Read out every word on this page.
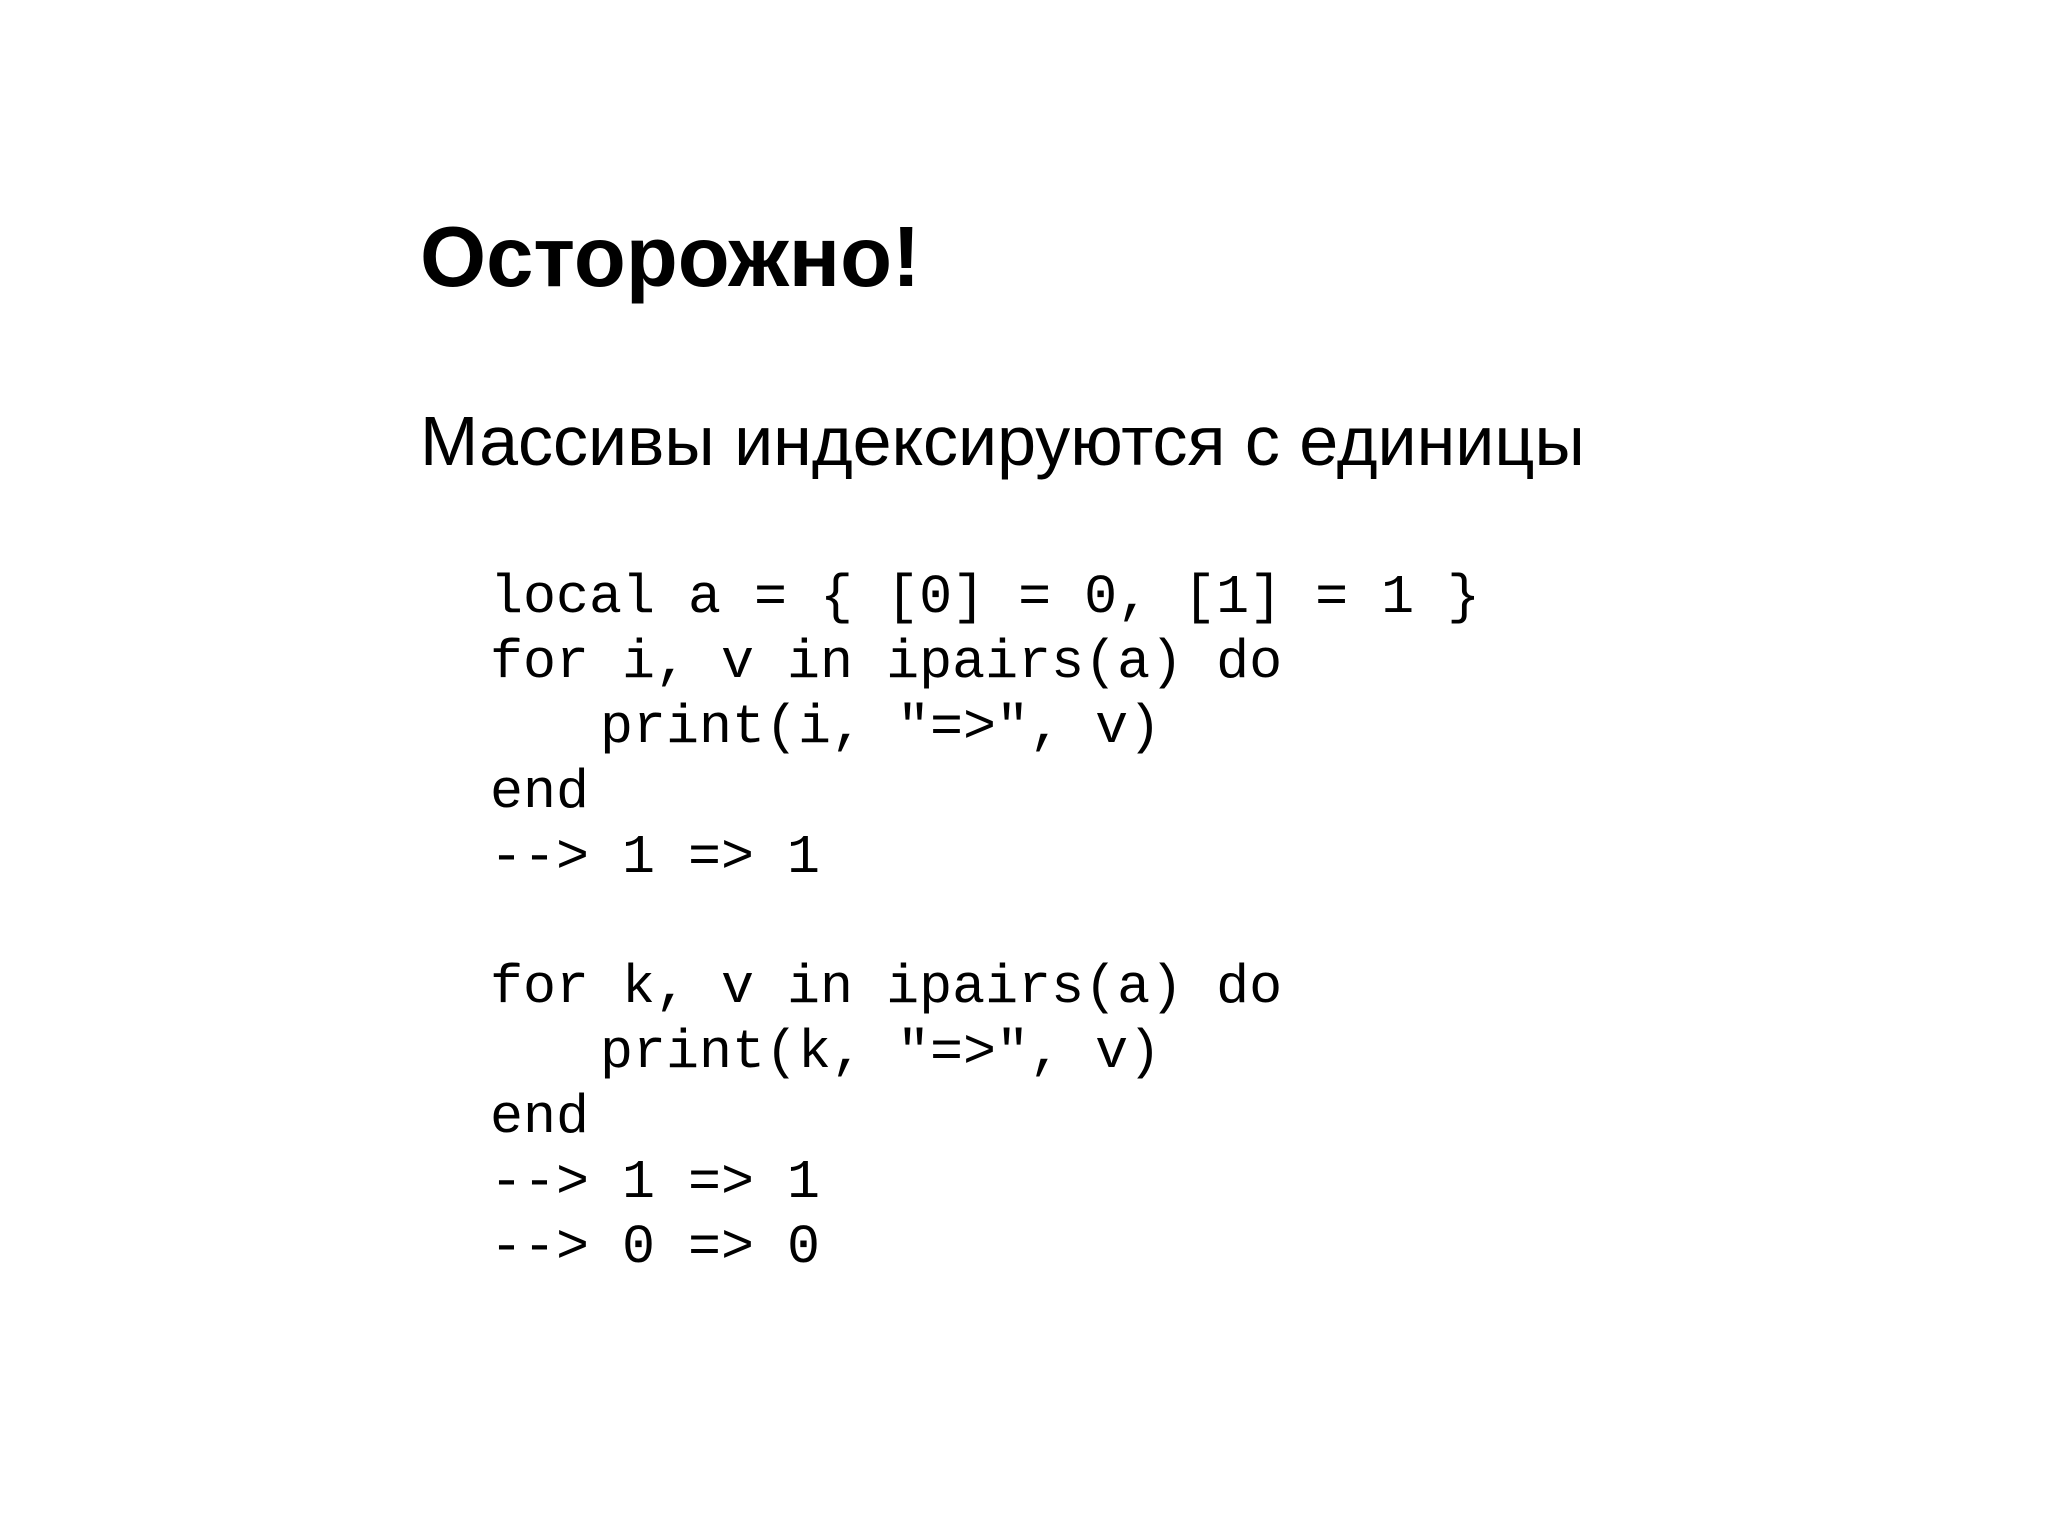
Осторожно!

Массивы индексируются с единицы

local a = { [0] = 0, [1] = 1 }
for i, v in ipairs(a) do
print(i, "=>", v)
end
--> 1 => 1
for k, v in ipairs(a) do
print(k, "=>", v)
end
--> 1 => 1
--> 0 => 0
